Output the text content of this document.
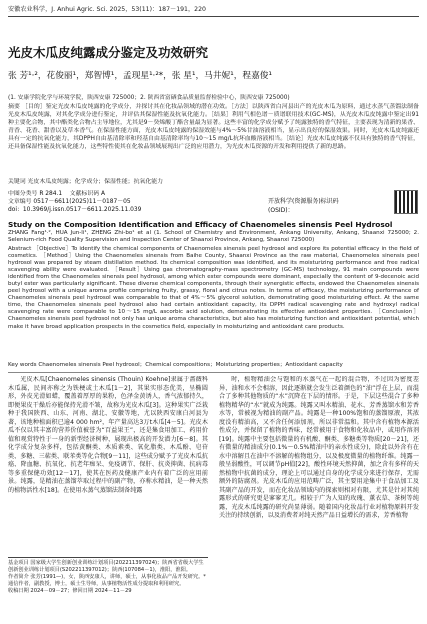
安徽农业科学，J. Anhui Agric. Sci. 2025，53(11)：187－191，220
光皮木瓜皮纯露成分鉴定及功效研究
张 芳¹·²，花俊丽¹，郑智博¹，孟现星¹·²*，张 星¹，马井妮¹，程嘉俊¹
(1. 安康学院化学与环境学院，陕西安康 725000；2. 陕西省富硒食品质量监督检验中心，陕西安康 725000)
摘要 ［目的］鉴定光皮木瓜皮纯露的化学成分，并探讨其在化妆品领域的潜在功效。［方法］以陕西省白河县出产的光皮木瓜为原料，通过水蒸气蒸馏法制备光皮木瓜皮纯露，对其化学成分进行鉴定，并评估其保湿性能及抗氧化能力。［结果］利用气相色谱－质谱联用技术(GC-MS)，从光皮木瓜皮纯露中鉴定出91种主要化合物，其中酯类化合物占主导地位，尤其是9－癸烯酸丁酯含量最为显著。这些丰富的化学成分赋予了纯露独特的香气特征，主要表现为清新的果香、青香、花香、甜香以及草本香气。在保湿性能方面，光皮木瓜皮纯露的保湿效能与4%～5%甘油溶液相当，显示出良好的保湿效果。同时，光皮木瓜皮纯露还具有一定的抗氧化能力，其DPPH自由基清除率和羟基自由基清除率均与10～15 mg/L抗坏血酸溶液相当。［结论］光皮木瓜皮纯露不仅具有独特的香气特征，还具备保湿性能及抗氧化能力，这些特性使其在化妆品领域展现出广泛的应用潜力，为光皮木瓜资源的开发和利用提供了新的思路。
关键词 光皮木瓜皮纯露；化学成分；保湿性能；抗氧化能力
中图分类号 R 284.1 文献标识码 A
文章编号 0517－6611(2025)11－0187－05
doi：10.3969/j.issn.0517－6611.2025.11.039
开放科学(资源服务)标识码(OSID)：
Study on the Composition Identification and Efficacy of Chaenomeles sinensis Peel Hydrosol
ZHANG Fang¹·², HUA Jun-li¹, ZHENG Zhi-bo¹ et al (1. School of Chemistry and Environment, Ankang University, Ankang, Shaanxi 725000; 2. Selenium-rich Food Quality Supervision and Inspection Center of Shaanxi Province, Ankang, Shaanxi 725000)
Abstract ［Objective］To identify the chemical components of Chaenomeles sinensis peel hydrosol and explore its potential efficacy in the field of cosmetics. ［Method］Using the Chaenomeles sinensis from Baihe County, Shaanxi Province as the raw material, Chaenomeles sinensis peel hydrosol was prepared by steam distillation method. Its chemical composition was identified, and its moisturizing performance and free radical scavenging ability were evaluated. ［Result］Using gas chromatography-mass spectrometry (GC-MS) technology, 91 main compounds were identified from the Chaenomeles sinensis peel hydrosol, among which ester compounds were dominant, especially the content of 9-decenoic acid butyl ester was particularly significant. These diverse chemical components, through their synergistic effects, endowed the Chaenomeles sinensis peel hydrosol with a unique aroma profile comprising fruity, grassy, floral and citrus notes. In terms of efficacy, the moisturizing performance of Chaenomeles sinensis peel hydrosol was comparable to that of 4%～5% glycerol solution, demonstrating good moisturizing effect. At the same time, the Chaenomeles sinensis peel hydrosol also had certain antioxidant capacity, its DPPH radical scavenging rate and hydroxyl radical scavenging rate were comparable to 10～15 mg/L ascorbic acid solution, demonstrating its effective antioxidant properties. ［Conclusion］Chaenomeles sinensis peel hydrosol not only has unique aroma characteristics, but also has moisturizing function and antioxidant potential, which make it have broad application prospects in the cosmetics field, especially in moisturizing and antioxidant care products.
Key words Chaenomeles sinensis Peel hydrosol；Chemical compositions；Moisturizing properties；Antioxidant capacity

光皮木瓜[Chaenomeles sinensis (Thouin) Koehne]隶属于蔷薇科木瓜属，民间亦称之为铁梗或土木瓜[1－2]，其果实形态优美，呈椭圆形，外皮光滑如蜡，覆盖着厚厚的果粉，色泽金黄诱人，香气浓郁持久，即便果皮干燥后亦能保持光滑不皱，故称为光皮木瓜[3]。这种果实广泛栽种于我国陕西、山东、河南、湖北、安徽等地，尤以陕西安康白河县为著，该地种植面积已逾4 000 hm²，年产量高达3万t木瓜[4－5]。光皮木瓜不仅以其丰富的营养价值被誉为“百益果王”，还是集食用加工、药用价值和观赏特性于一身的新型经济树种，展现出极高的开发潜力[6－8]。其化学成分复杂多样，包括黄酮类、木质素类、氧化脂类、木瓜酚、皂苷类、多糖、三萜类、联苯类等化合物[9－11]，这些成分赋予了光皮木瓜抗癌、降血糖、抗氧化、抗老年痴呆、免疫调节、保肝、抗炎抑菌、抗病毒等多重保健功效[12－17]，使其在医药及健康产业内有着广泛的应用前景。纯露，是精油在蒸馏萃取过程中的副产物，亦称水精油，是一种天然的植物活性水[18]。在使用水蒸气蒸馏法制备纯露

时，植物精油会与饱和的水蒸气在一起的混合物，不过因为密度差异，油和水不会相溶，因此逐渐就会发生泛着颜色的“油”浮在上层，而混合了多种其他物质的“水”沉降在下层的情形。于是，下层这些混合了多种植物精华的“水”就成为纯露。纯露又叫水精油、花水、芳香蒸馏水和芳香水等，常被视为精油的副产品。纯露是一种100%饱和的蒸馏原液，其浓度没有精油高，又不含任何添加剂，所以非常温和。其中含有植物本源活性成分，并保留了植物的香味，经常被用于食物和化妆品中，或用作溶剂[19]。纯露中主要包括微量的有机酸、酮类、多糖类等物质[20－21]，还有微量的精油成分(0.1%～0.5%精油中的亲水性成分)，除此以外含有在水中溶解且在油中不溶解的植物组分，以及极度微量的植物纤维。纯露一般呈弱酸性，可以调节pH值[22]，酸性环境天然抑菌，加之含有多样的天然植物中抗菌的成分，理论上可以通过自身的化学成分来进行保存，无需额外的防腐剂。光皮木瓜的应用范畴广泛，其主要用途集中于食品加工及其副产品的开发，而在化妆品领域内的探索则相对有限，尤其是针对其纯露形式的研究更是寥寥无几。相较于广为人知的玫瑰、薰衣草、茶树等纯露，光皮木瓜纯露的研究尚显薄弱。随着国内化妆品行业对植物原料开发关注的持续创新，以及消费者对纯天然产品日益增长的需求，芳香植物

基金项目 国家级大学生创新创业训练计划项目(202211397024)；陕西省省级大学生创新创业训练计划项目(S202211397012)；陕西(107084－1)，淮阳，淮阳。
作者简介 张芳(1991—)，女，陕西安康人，讲师，硕士，从事化妆品产品开发研究。*通信作者，副教授，博士，硕士生导师，从事植物活性成分提取和利用研究。
收稿日期 2024－09－27；修回日期 2024－11－29
